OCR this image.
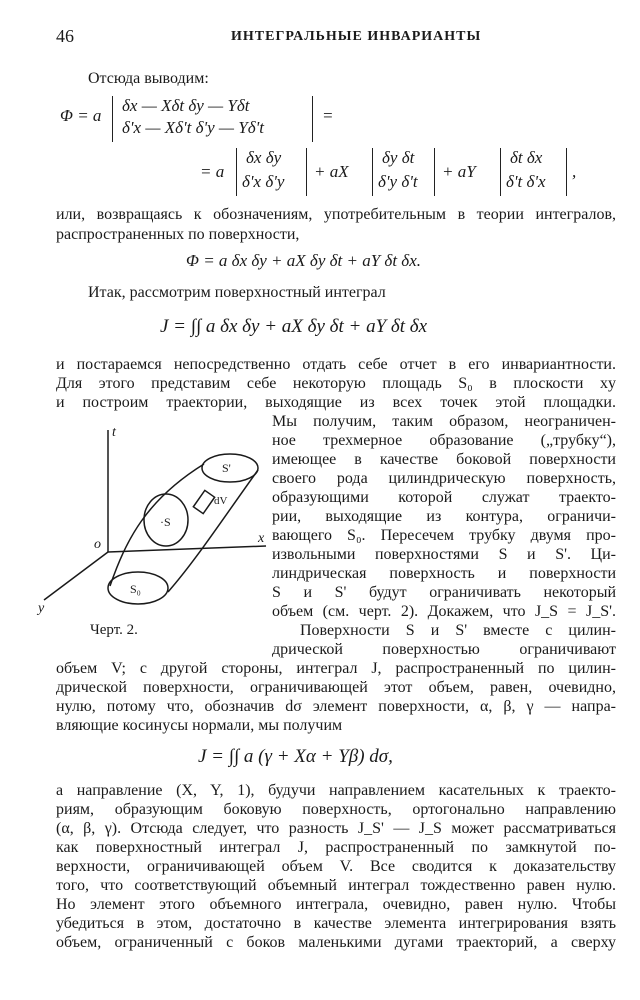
46	ИНТЕГРАЛЬНЫЕ ИНВАРИАНТЫ
Отсюда выводим:
Φ = a
δx — Xδt δy — Yδt
δ'x — Xδ't δ'y — Yδ't
=
= a
δx δy
δ'x δ'y
+ aX
δy δt
δ'y δ't
+ aY
δt δx
δ't δ'x
,
или, возвращаясь к обозначениям, употребительным в теории интегралов,
распространенных по поверхности,
Φ = a δx δy + aX δy δt + aY δt δx.
Итак, рассмотрим поверхностный интеграл
J = ∫∫ a δx δy + aX δy δt + aY δt δx
и постараемся непосредственно отдать себе отчет в его инвариантности.
Для этого представим себе некоторую площадь S₀ в плоскости xy
и построим траектории, выходящие из всех точек этой площадки.
Мы получим, таким образом, неограничен-
ное трехмерное образование („трубку“),
имеющее в качестве боковой поверхности
своего рода цилиндрическую поверхность,
образующими которой служат траекто-
рии, выходящие из контура, ограничи-
вающего S₀. Пересечем трубку двумя про-
извольными поверхностями S и S'. Ци-
линдрическая поверхность и поверхности
S и S' будут ограничивать некоторый
объем (см. черт. 2). Докажем, что J_S = J_S'.
Поверхности S и S' вместе с цилин-
дрической поверхностью ограничивают
объем V; с другой стороны, интеграл J, распространенный по цилин-
дрической поверхности, ограничивающей этот объем, равен, очевидно,
нулю, потому что, обозначив dσ элемент поверхности, α, β, γ — напра-
вляющие косинусы нормали, мы получим
J = ∫∫ a (γ + Xα + Yβ) dσ,
а направление (X, Y, 1), будучи направлением касательных к траекто-
риям, образующим боковую поверхность, ортогонально направлению
(α, β, γ). Отсюда следует, что разность J_S' — J_S может рассматриваться
как поверхностный интеграл J, распространенный по замкнутой по-
верхности, ограничивающей объем V. Все сводится к доказательству
того, что соответствующий объемный интеграл тождественно равен нулю.
Но элемент этого объемного интеграла, очевидно, равен нулю. Чтобы
убедиться в этом, достаточно в качестве элемента интегрирования взять
объем, ограниченный с боков маленькими дугами траекторий, а сверху
t
x
y
o
S₀
·S
S'
dV
Черт. 2.
